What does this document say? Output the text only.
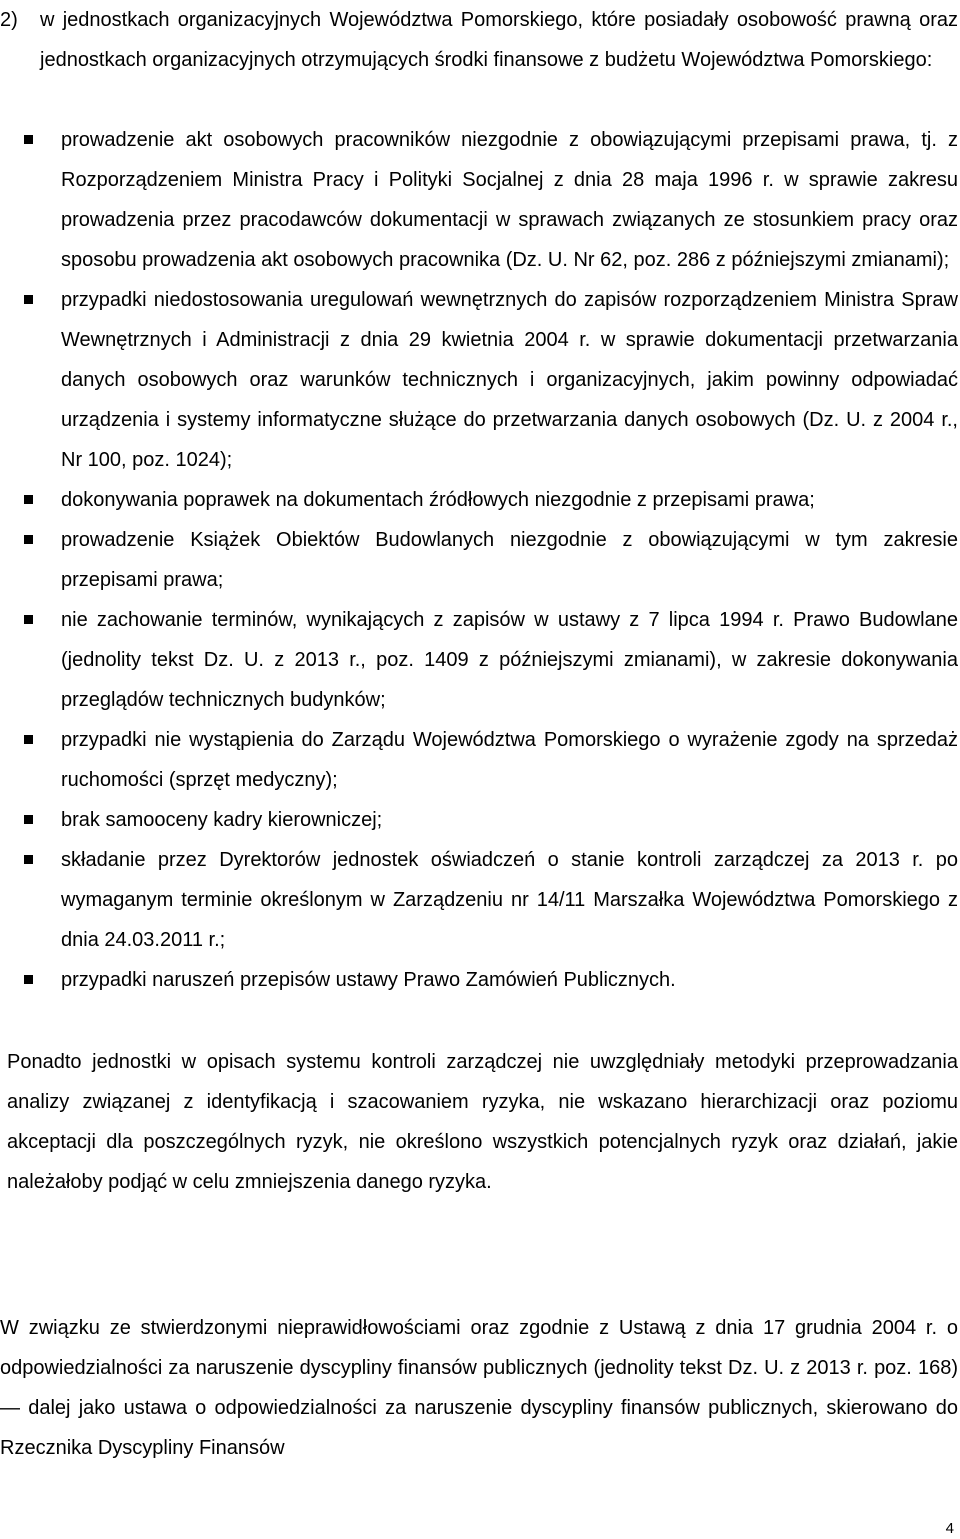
2) w jednostkach organizacyjnych Województwa Pomorskiego, które posiadały osobowość prawną oraz jednostkach organizacyjnych otrzymujących środki finansowe z budżetu Województwa Pomorskiego:
prowadzenie akt osobowych pracowników niezgodnie z obowiązującymi przepisami prawa, tj. z Rozporządzeniem Ministra Pracy i Polityki Socjalnej z dnia 28 maja 1996 r. w sprawie zakresu prowadzenia przez pracodawców dokumentacji w sprawach związanych ze stosunkiem pracy oraz sposobu prowadzenia akt osobowych pracownika (Dz. U. Nr 62, poz. 286 z późniejszymi zmianami);
przypadki niedostosowania uregulowań wewnętrznych do zapisów rozporządzeniem Ministra Spraw Wewnętrznych i Administracji z dnia 29 kwietnia 2004 r. w sprawie dokumentacji przetwarzania danych osobowych oraz warunków technicznych i organizacyjnych, jakim powinny odpowiadać urządzenia i systemy informatyczne służące do przetwarzania danych osobowych (Dz. U. z 2004 r., Nr 100, poz. 1024);
dokonywania poprawek na dokumentach źródłowych niezgodnie z przepisami prawa;
prowadzenie Książek Obiektów Budowlanych niezgodnie z obowiązującymi w tym zakresie przepisami prawa;
nie zachowanie terminów, wynikających z zapisów w ustawy z 7 lipca 1994 r. Prawo Budowlane (jednolity tekst Dz. U. z 2013 r., poz. 1409 z późniejszymi zmianami), w zakresie dokonywania przeglądów technicznych budynków;
przypadki nie wystąpienia do Zarządu Województwa Pomorskiego o wyrażenie zgody na sprzedaż ruchomości (sprzęt medyczny);
brak samooceny kadry kierowniczej;
składanie przez Dyrektorów jednostek oświadczeń o stanie kontroli zarządczej za 2013 r. po wymaganym terminie określonym w Zarządzeniu nr 14/11 Marszałka Województwa Pomorskiego z dnia 24.03.2011 r.;
przypadki naruszeń przepisów ustawy Prawo Zamówień Publicznych.

Ponadto jednostki w opisach systemu kontroli zarządczej nie uwzględniały metodyki przeprowadzania analizy związanej z identyfikacją i szacowaniem ryzyka, nie wskazano hierarchizacji oraz poziomu akceptacji dla poszczególnych ryzyk, nie określono wszystkich potencjalnych ryzyk oraz działań, jakie należałoby podjąć w celu zmniejszenia danego ryzyka.

W związku ze stwierdzonymi nieprawidłowościami oraz zgodnie z Ustawą z dnia 17 grudnia 2004 r. o odpowiedzialności za naruszenie dyscypliny finansów publicznych (jednolity tekst Dz. U. z 2013 r. poz. 168) — dalej jako ustawa o odpowiedzialności za naruszenie dyscypliny finansów publicznych, skierowano do Rzecznika Dyscypliny Finansów

4
